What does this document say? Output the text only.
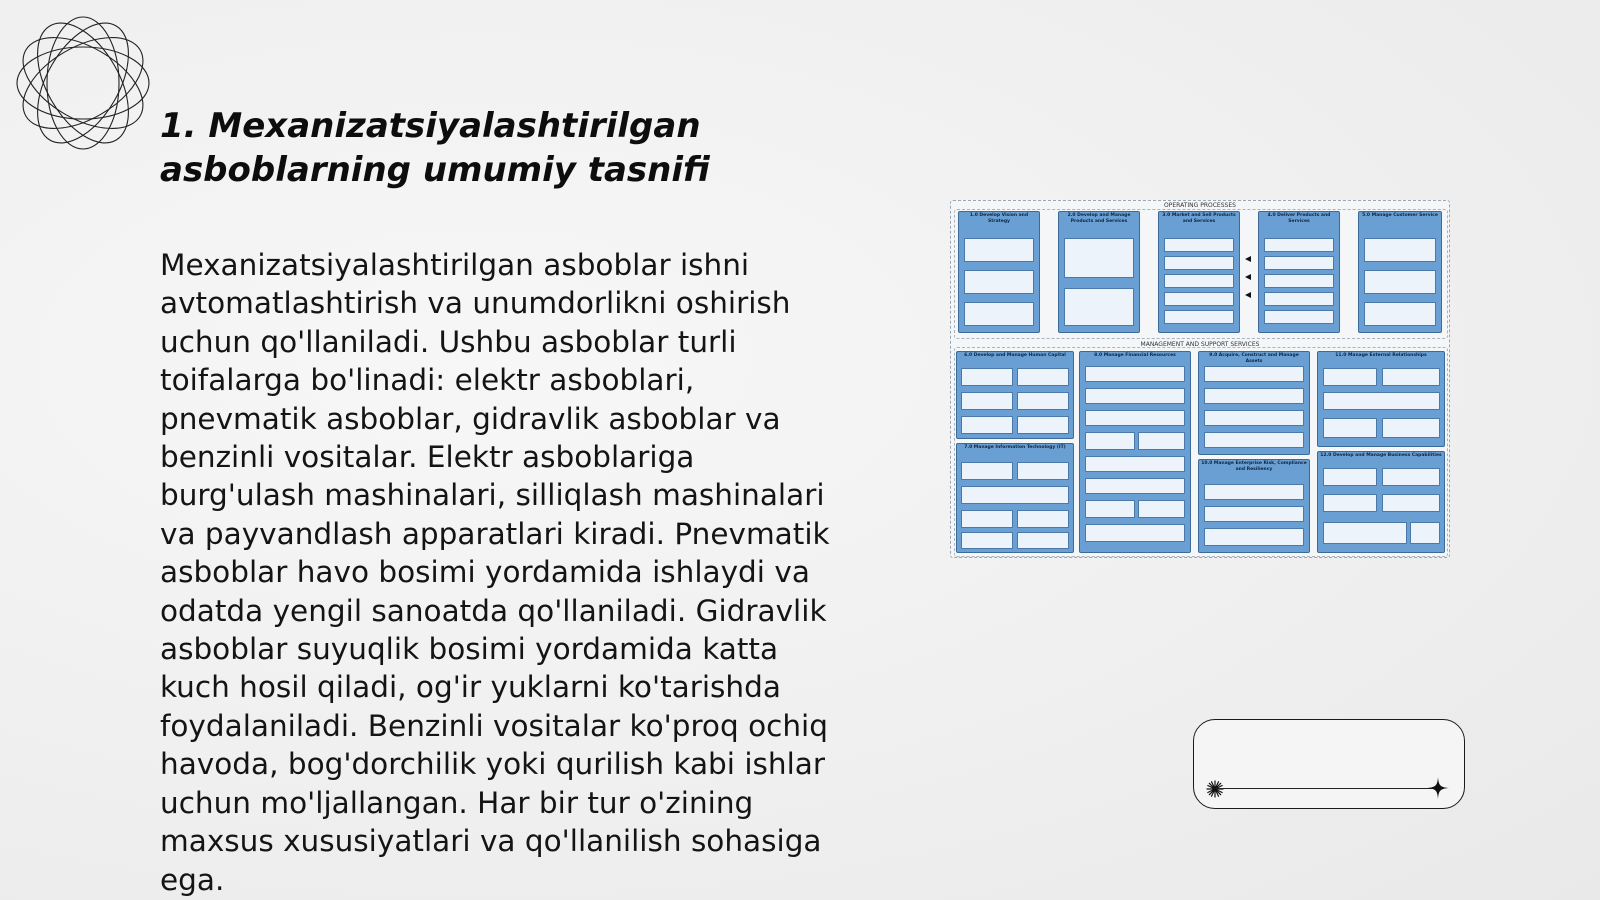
1. Mexanizatsiyalashtirilgan asboblarning umumiy tasnifi

Mexanizatsiyalashtirilgan asboblar ishni avtomatlashtirish va unumdorlikni oshirish uchun qo'llaniladi. Ushbu asboblar turli toifalarga bo'linadi: elektr asboblari, pnevmatik asboblar, gidravlik asboblar va benzinli vositalar. Elektr asboblariga burg'ulash mashinalari, silliqlash mashinalari va payvandlash apparatlari kiradi. Pnevmatik asboblar havo bosimi yordamida ishlaydi va odatda yengil sanoatda qo'llaniladi. Gidravlik asboblar suyuqlik bosimi yordamida katta kuch hosil qiladi, og'ir yuklarni ko'tarishda foydalaniladi. Benzinli vositalar ko'proq ochiq havoda, bog'dorchilik yoki qurilish kabi ishlar uchun mo'ljallangan. Har bir tur o'zining maxsus xususiyatlari va qo'llanilish sohasiga ega.

OPERATING PROCESSES
MANAGEMENT AND SUPPORT SERVICES
1.0 Develop Vision and Strategy
2.0 Develop and Manage Products and Services
3.0 Market and Sell Products and Services
4.0 Deliver Products and Services
5.0 Manage Customer Service
6.0 Develop and Manage Human Capital
7.0 Manage Information Technology (IT)
8.0 Manage Financial Resources	9.0 Acquire, Construct and Manage Assets
10.0 Manage Enterprise Risk, Compliance and Resiliency
11.0 Manage External Relationships
12.0 Develop and Manage Business Capabilities
